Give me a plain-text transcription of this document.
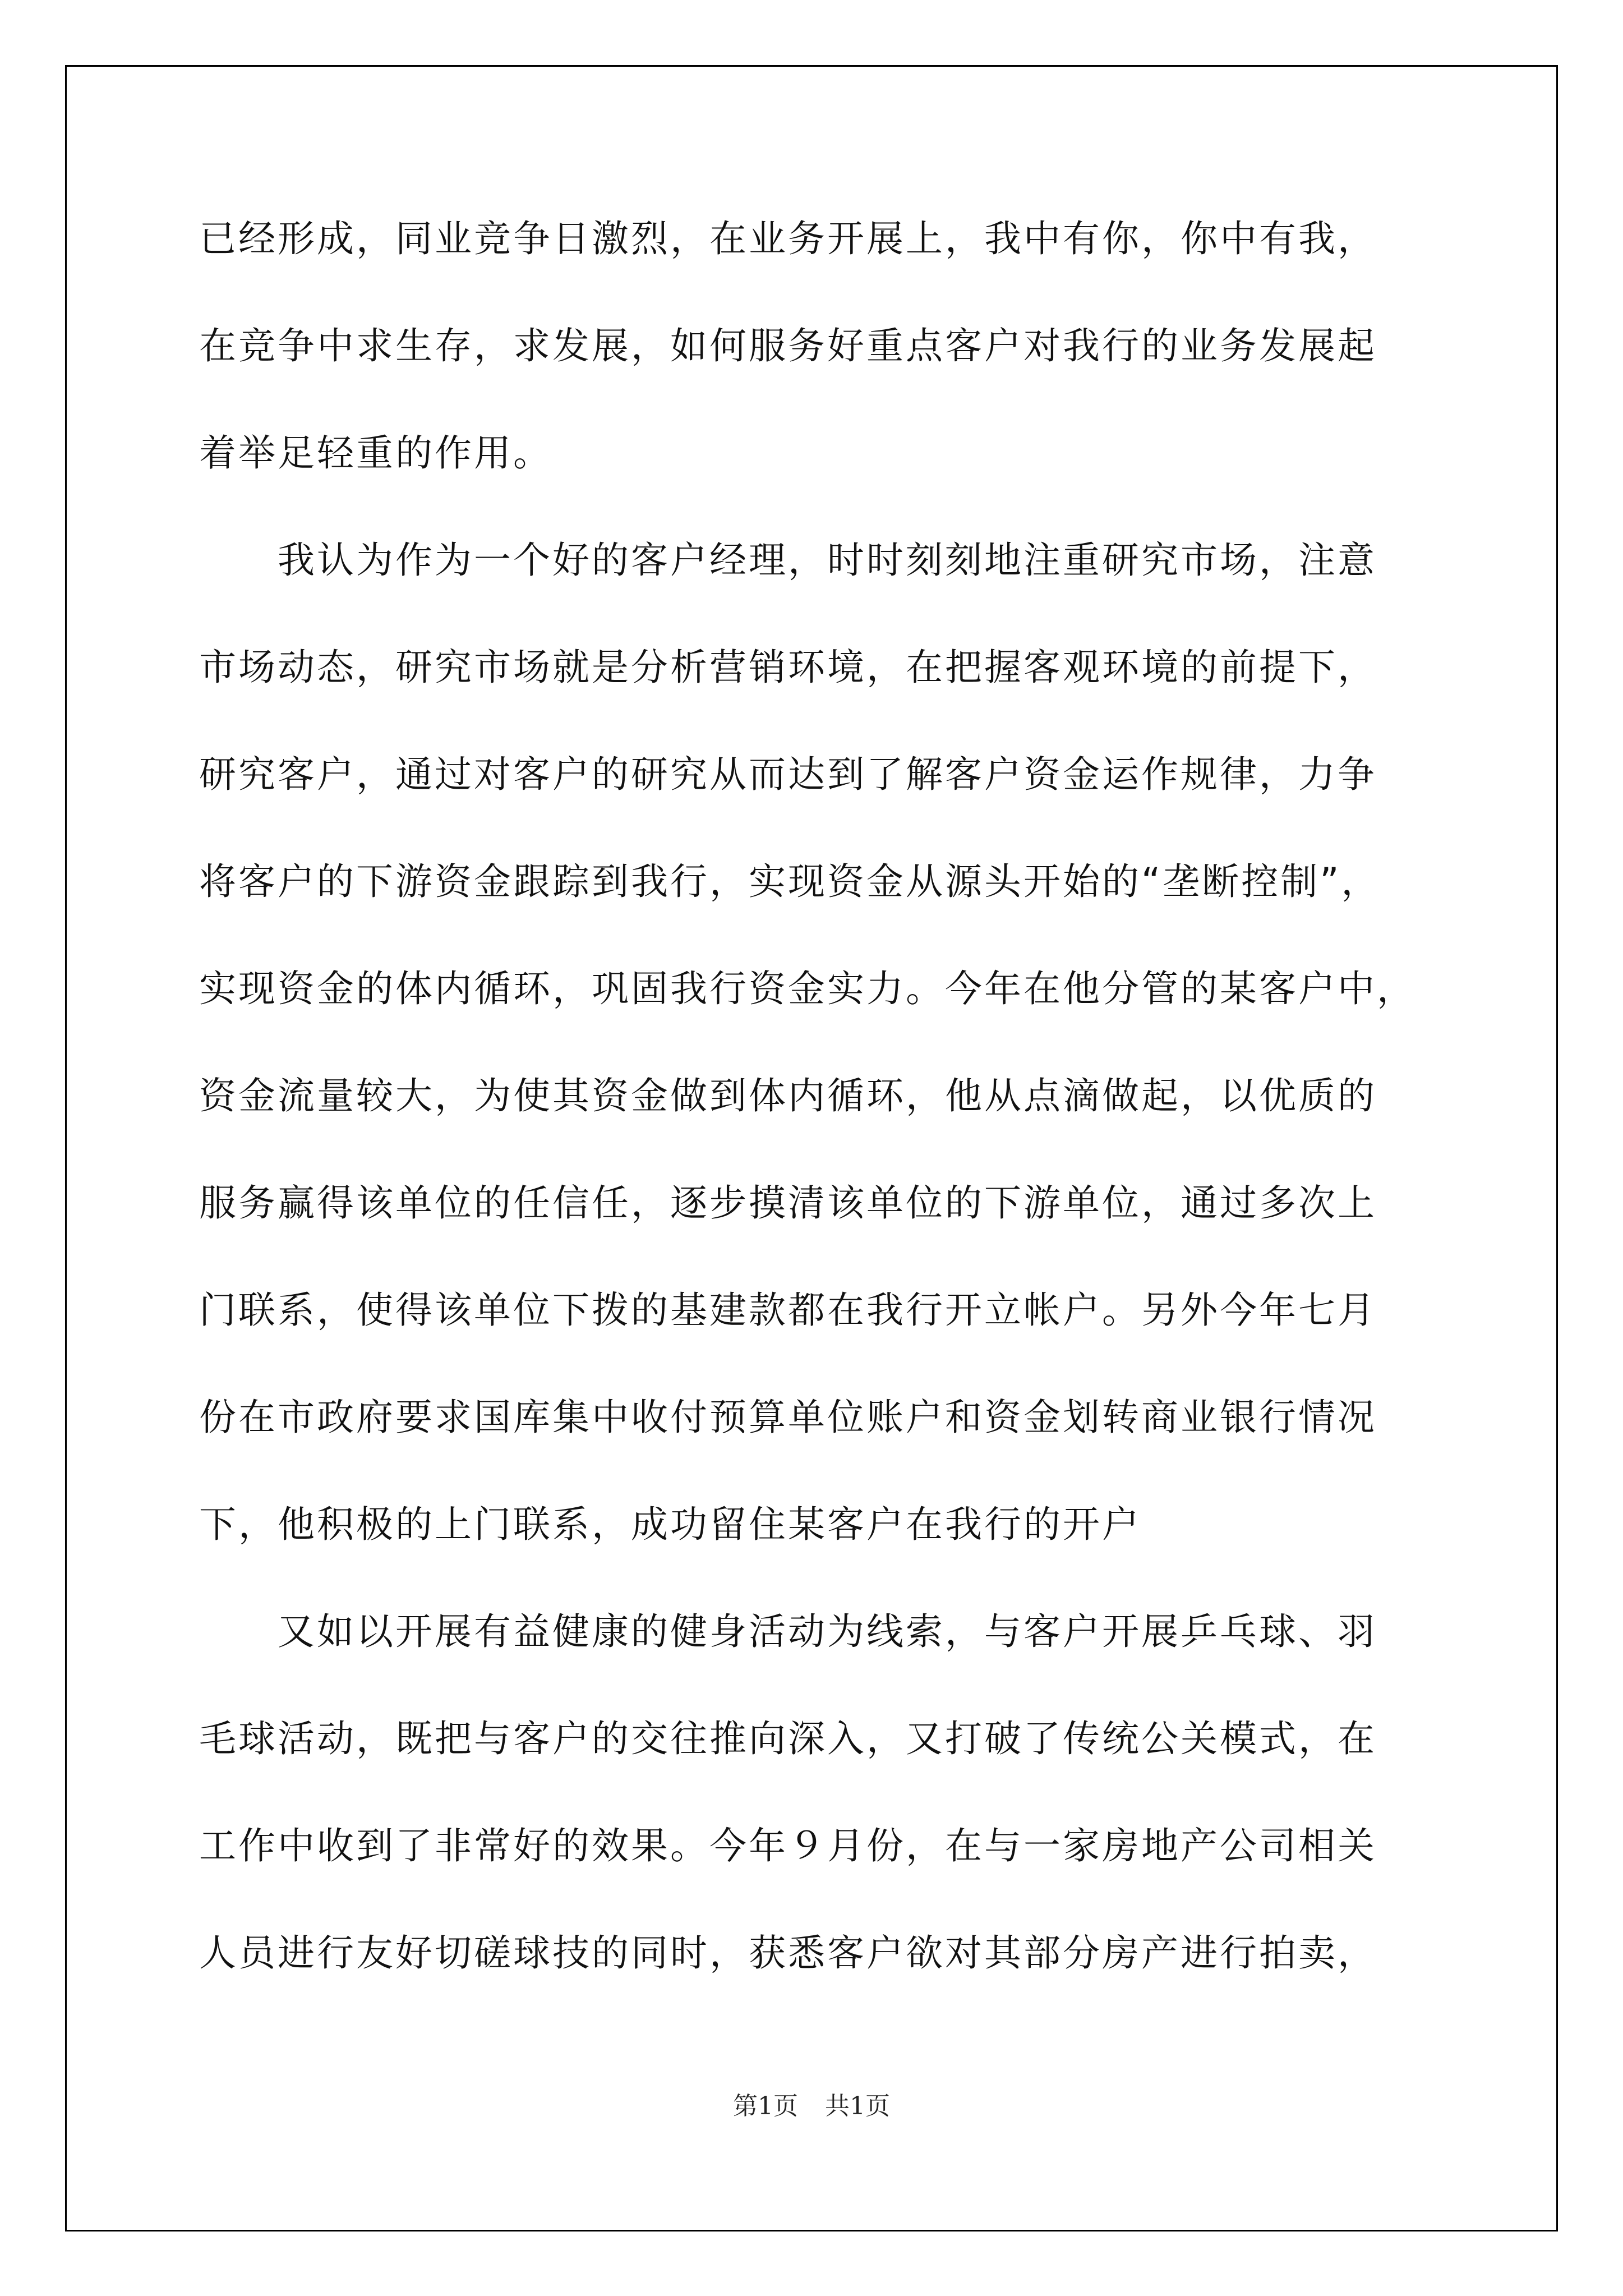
已经形成，同业竞争日激烈，在业务开展上，我中有你，你中有我，
在竞争中求生存，求发展，如何服务好重点客户对我行的业务发展起
着举足轻重的作用。
我认为作为一个好的客户经理，时时刻刻地注重研究市场，注意
市场动态，研究市场就是分析营销环境，在把握客观环境的前提下，
研究客户，通过对客户的研究从而达到了解客户资金运作规律，力争
将客户的下游资金跟踪到我行，实现资金从源头开始的“垄断控制”，
实现资金的体内循环，巩固我行资金实力。今年在他分管的某客户中，
资金流量较大，为使其资金做到体内循环，他从点滴做起，以优质的
服务赢得该单位的任信任，逐步摸清该单位的下游单位，通过多次上
门联系，使得该单位下拨的基建款都在我行开立帐户。另外今年七月
份在市政府要求国库集中收付预算单位账户和资金划转商业银行情况
下，他积极的上门联系，成功留住某客户在我行的开户
又如以开展有益健康的健身活动为线索，与客户开展乒乓球、羽
毛球活动，既把与客户的交往推向深入，又打破了传统公关模式，在
工作中收到了非常好的效果。今年９月份，在与一家房地产公司相关
人员进行友好切磋球技的同时，获悉客户欲对其部分房产进行拍卖，
第1页 共1页
